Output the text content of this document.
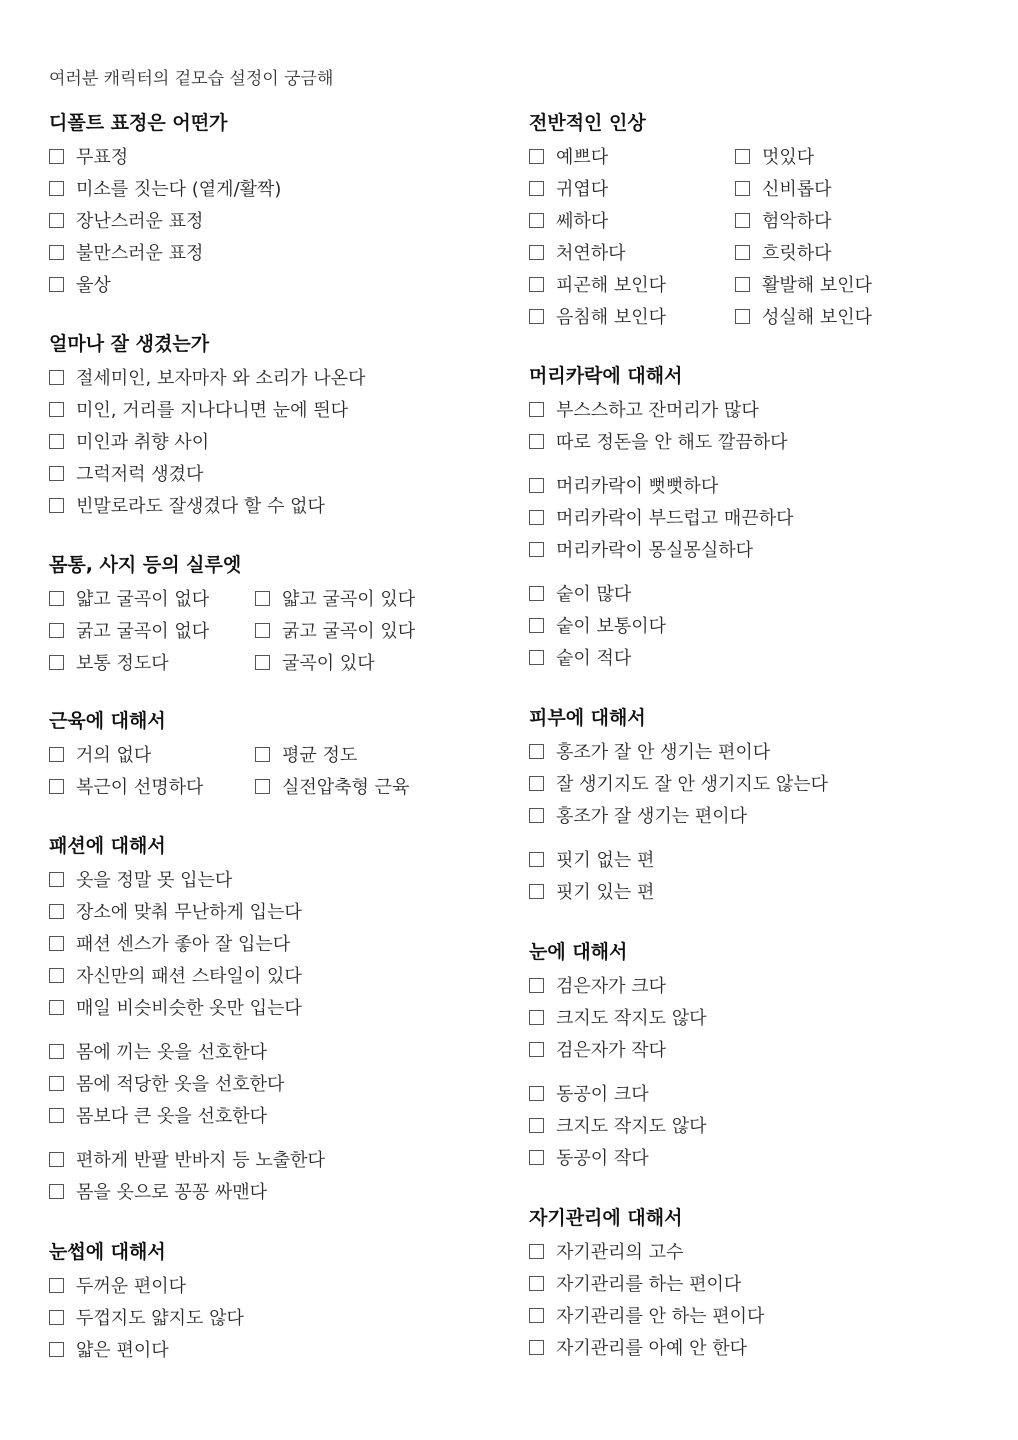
여러분 캐릭터의 겉모습 설정이 궁금해
디폴트 표정은 어떤가
무표정
미소를 짓는다 (옅게/활짝)
장난스러운 표정
불만스러운 표정
울상
얼마나 잘 생겼는가
절세미인, 보자마자 와 소리가 나온다
미인, 거리를 지나다니면 눈에 띈다
미인과 취향 사이
그럭저럭 생겼다
빈말로라도 잘생겼다 할 수 없다
몸통, 사지 등의 실루엣
얇고 굴곡이 없다	얇고 굴곡이 있다
굵고 굴곡이 없다	굵고 굴곡이 있다
보통 정도다	굴곡이 있다
근육에 대해서
거의 없다	평균 정도
복근이 선명하다	실전압축형 근육
패션에 대해서
옷을 정말 못 입는다
장소에 맞춰 무난하게 입는다
패션 센스가 좋아 잘 입는다
자신만의 패션 스타일이 있다
매일 비슷비슷한 옷만 입는다
몸에 끼는 옷을 선호한다
몸에 적당한 옷을 선호한다
몸보다 큰 옷을 선호한다
편하게 반팔 반바지 등 노출한다
몸을 옷으로 꽁꽁 싸맨다
눈썹에 대해서
두꺼운 편이다
두껍지도 얇지도 않다
얇은 편이다
전반적인 인상
예쁘다	멋있다
귀엽다	신비롭다
쎄하다	험악하다
처연하다	흐릿하다
피곤해 보인다	활발해 보인다
음침해 보인다	성실해 보인다
머리카락에 대해서
부스스하고 잔머리가 많다
따로 정돈을 안 해도 깔끔하다
머리카락이 뻣뻣하다
머리카락이 부드럽고 매끈하다
머리카락이 몽실몽실하다
숱이 많다
숱이 보통이다
숱이 적다
피부에 대해서
홍조가 잘 안 생기는 편이다
잘 생기지도 잘 안 생기지도 않는다
홍조가 잘 생기는 편이다
핏기 없는 편
핏기 있는 편
눈에 대해서
검은자가 크다
크지도 작지도 않다
검은자가 작다
동공이 크다
크지도 작지도 않다
동공이 작다
자기관리에 대해서
자기관리의 고수
자기관리를 하는 편이다
자기관리를 안 하는 편이다
자기관리를 아예 안 한다
